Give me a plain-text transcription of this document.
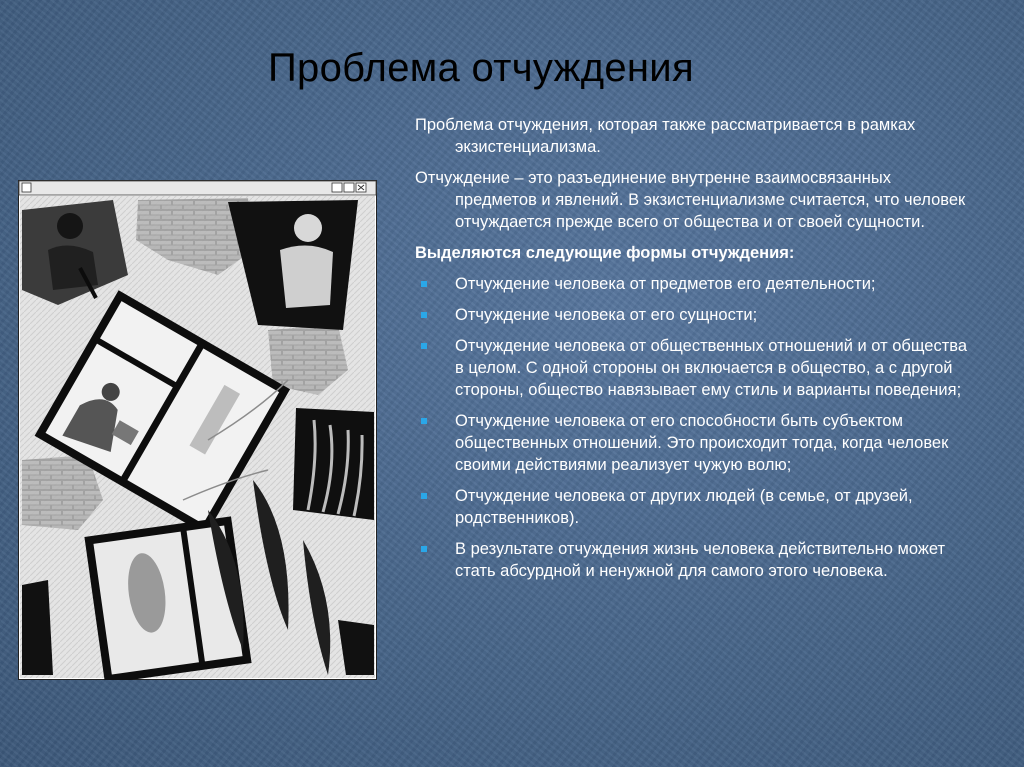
Проблема отчуждения

Проблема отчуждения, которая также рассматривается в рамках экзистенциализма.

Отчуждение – это разъединение внутренне взаимосвязанных предметов и явлений. В экзистенциализме считается, что человек отчуждается прежде всего от общества и от своей сущности.

Выделяются следующие формы отчуждения:

Отчуждение человека от предметов его деятельности;
Отчуждение человека от его сущности;
Отчуждение человека от общественных отношений и от общества в целом. С одной стороны он включается в общество, а с другой стороны, общество навязывает ему стиль и варианты поведения;
Отчуждение человека от его способности быть субъектом общественных отношений. Это происходит тогда, когда человек своими действиями реализует чужую волю;
Отчуждение человека от других людей (в семье, от друзей, родственников).
В результате отчуждения жизнь человека действительно может стать абсурдной и ненужной для самого этого человека.
